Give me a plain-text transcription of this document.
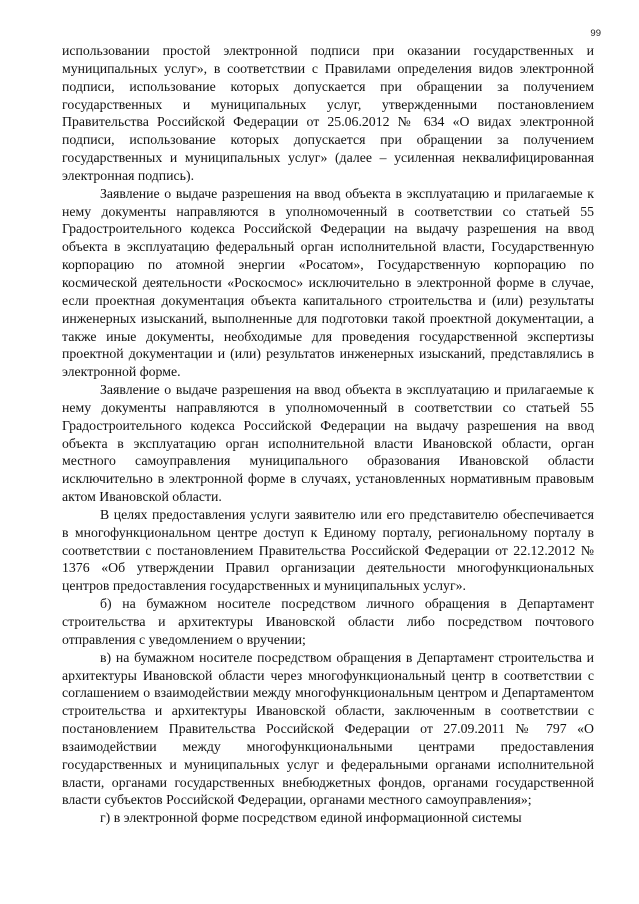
99

использовании простой электронной подписи при оказании государственных и муниципальных услуг», в соответствии с Правилами определения видов электронной подписи, использование которых допускается при обращении за получением государственных и муниципальных услуг, утвержденными постановлением Правительства Российской Федерации от 25.06.2012 № 634 «О видах электронной подписи, использование которых допускается при обращении за получением государственных и муниципальных услуг» (далее – усиленная неквалифицированная электронная подпись).

Заявление о выдаче разрешения на ввод объекта в эксплуатацию и прилагаемые к нему документы направляются в уполномоченный в соответствии со статьей 55 Градостроительного кодекса Российской Федерации на выдачу разрешения на ввод объекта в эксплуатацию федеральный орган исполнительной власти, Государственную корпорацию по атомной энергии «Росатом», Государственную корпорацию по космической деятельности «Роскосмос» исключительно в электронной форме в случае, если проектная документация объекта капитального строительства и (или) результаты инженерных изысканий, выполненные для подготовки такой проектной документации, а также иные документы, необходимые для проведения государственной экспертизы проектной документации и (или) результатов инженерных изысканий, представлялись в электронной форме.

Заявление о выдаче разрешения на ввод объекта в эксплуатацию и прилагаемые к нему документы направляются в уполномоченный в соответствии со статьей 55 Градостроительного кодекса Российской Федерации на выдачу разрешения на ввод объекта в эксплуатацию орган исполнительной власти Ивановской области, орган местного самоуправления муниципального образования Ивановской области исключительно в электронной форме в случаях, установленных нормативным правовым актом Ивановской области.

В целях предоставления услуги заявителю или его представителю обеспечивается в многофункциональном центре доступ к Единому порталу, региональному порталу в соответствии с постановлением Правительства Российской Федерации от 22.12.2012 № 1376 «Об утверждении Правил организации деятельности многофункциональных центров предоставления государственных и муниципальных услуг».

б) на бумажном носителе посредством личного обращения в Департамент строительства и архитектуры Ивановской области либо посредством почтового отправления с уведомлением о вручении;

в) на бумажном носителе посредством обращения в Департамент строительства и архитектуры Ивановской области через многофункциональный центр в соответствии с соглашением о взаимодействии между многофункциональным центром и Департаментом строительства и архитектуры Ивановской области, заключенным в соответствии с постановлением Правительства Российской Федерации от 27.09.2011 № 797 «О взаимодействии между многофункциональными центрами предоставления государственных и муниципальных услуг и федеральными органами исполнительной власти, органами государственных внебюджетных фондов, органами государственной власти субъектов Российской Федерации, органами местного самоуправления»;

г) в электронной форме посредством единой информационной системы
